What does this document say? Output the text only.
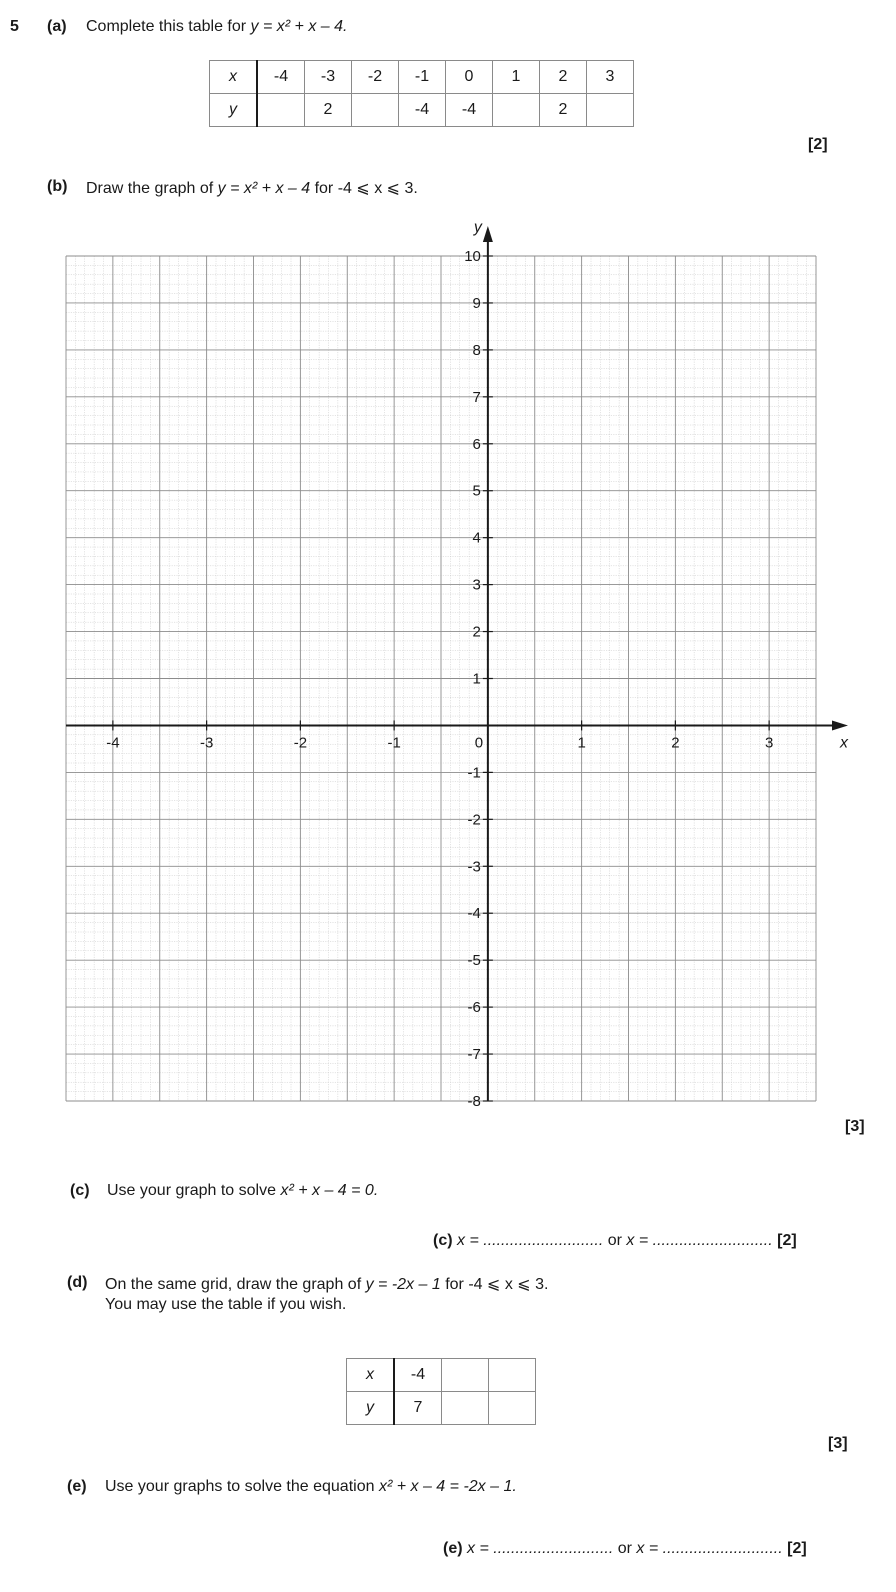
5 (a) Complete this table for y = x² + x – 4.
x	-4	-3	-2	-1	0	1	2	3
y		2		-4	-4		2	
[2]
(b) Draw the graph of y = x² + x – 4 for -4 ⩽ x ⩽ 3.
-4	-3	-2	-1	0	1	2	3
10
9
8
7
6
5
4
3
2
1
-1
-2
-3
-4
-5
-6
-7
-8
x
y
[3]
(c) Use your graph to solve x² + x – 4 = 0.
(c) x = ........................... or x = ........................... [2]
(d) On the same grid, draw the graph of y = -2x – 1 for -4 ⩽ x ⩽ 3.
You may use the table if you wish.
x	-4		
y	7		
[3]
(e) Use your graphs to solve the equation x² + x – 4 = -2x – 1.
(e) x = ........................... or x = ........................... [2]
